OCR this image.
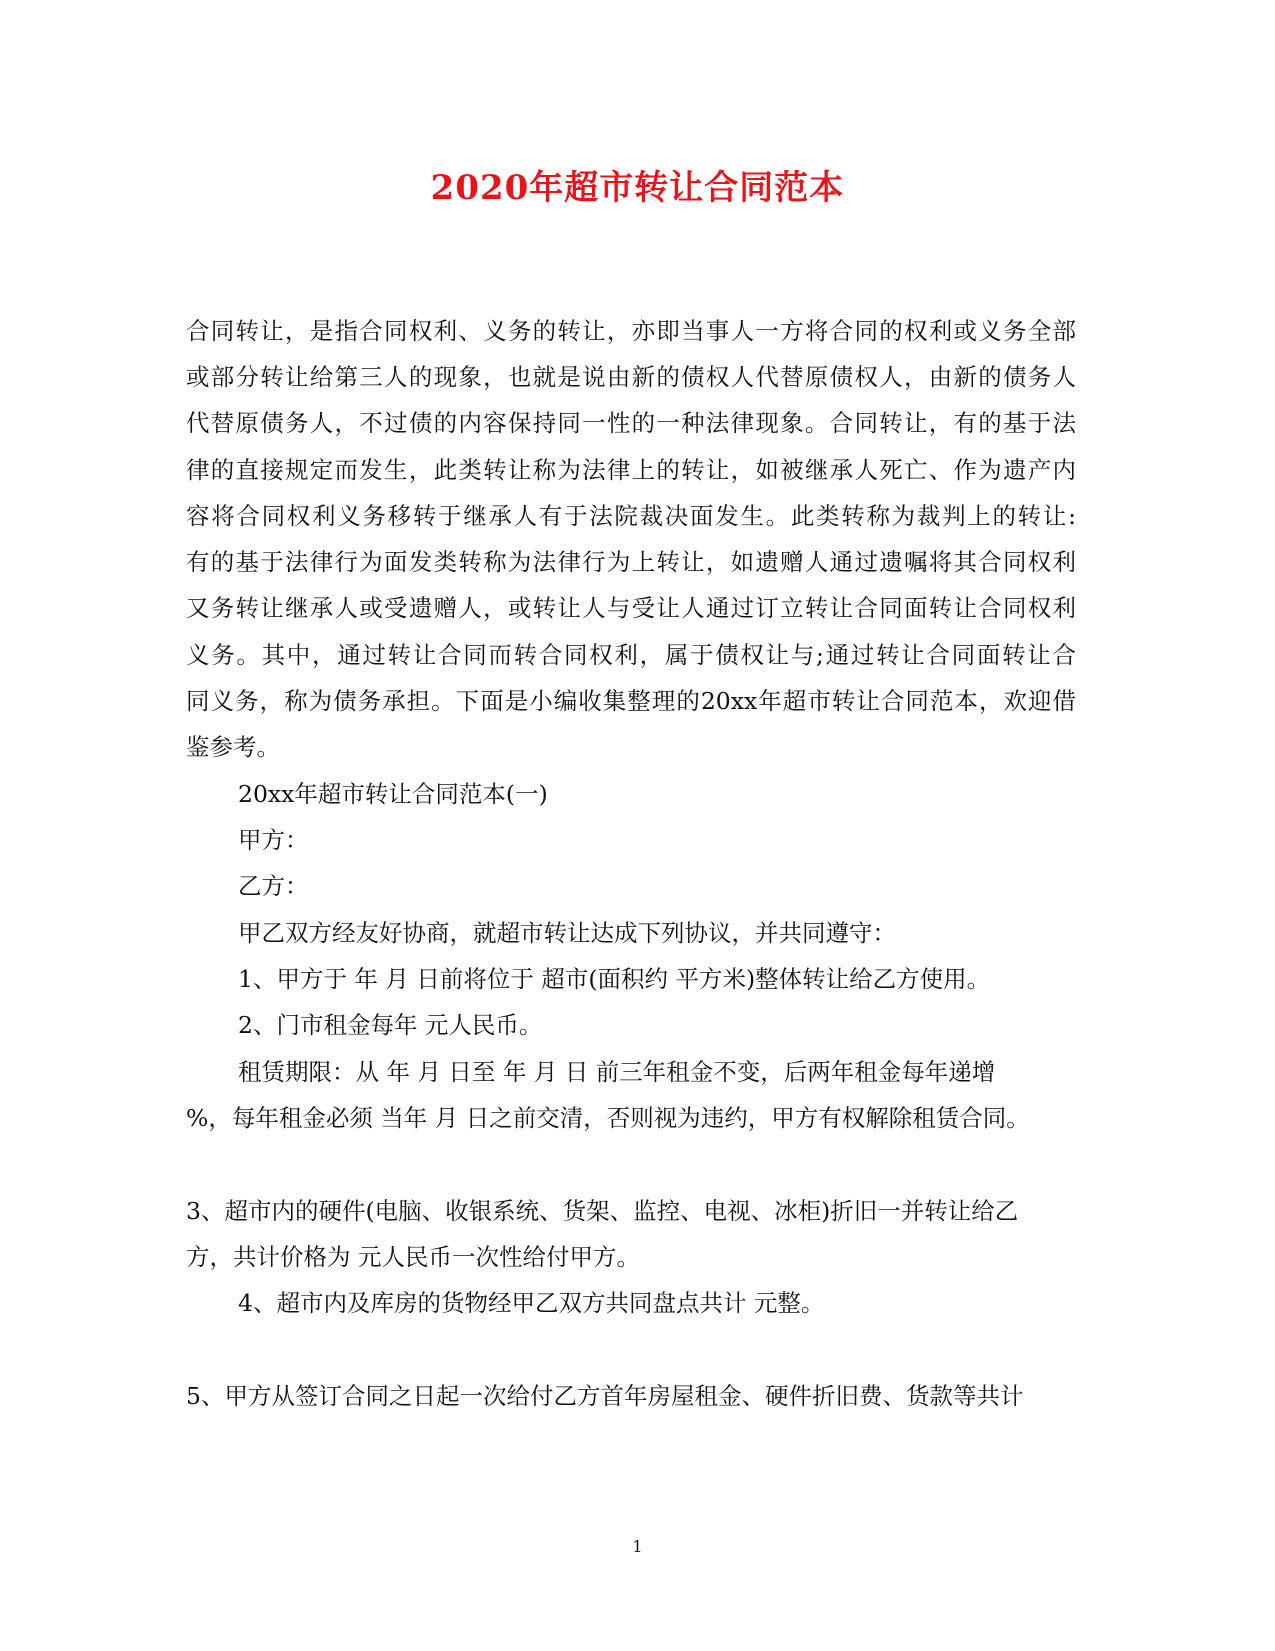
2020年超市转让合同范本
合同转让，是指合同权利、义务的转让，亦即当事人一方将合同的权利或义务全部
或部分转让给第三人的现象，也就是说由新的债权人代替原债权人，由新的债务人
代替原债务人，不过债的内容保持同一性的一种法律现象。合同转让，有的基于法
律的直接规定而发生，此类转让称为法律上的转让，如被继承人死亡、作为遗产内
容将合同权利义务移转于继承人有于法院裁决面发生。此类转称为裁判上的转让:
有的基于法律行为面发类转称为法律行为上转让，如遗赠人通过遗嘱将其合同权利
又务转让继承人或受遗赠人，或转让人与受让人通过订立转让合同面转让合同权利
义务。其中，通过转让合同而转合同权利，属于债权让与;通过转让合同面转让合
同义务，称为债务承担。下面是小编收集整理的20xx年超市转让合同范本，欢迎借
鉴参考。
20xx年超市转让合同范本(一)
甲方：
乙方：
甲乙双方经友好协商，就超市转让达成下列协议，并共同遵守：
1、甲方于 年 月 日前将位于 超市(面积约 平方米)整体转让给乙方使用。
2、门市租金每年 元人民币。
租赁期限：从 年 月 日至 年 月 日 前三年租金不变，后两年租金每年递增
%，每年租金必须 当年 月 日之前交清，否则视为违约，甲方有权解除租赁合同。
3、超市内的硬件(电脑、收银系统、货架、监控、电视、冰柜)折旧一并转让给乙
方，共计价格为 元人民币一次性给付甲方。
4、超市内及库房的货物经甲乙双方共同盘点共计 元整。
5、甲方从签订合同之日起一次给付乙方首年房屋租金、硬件折旧费、货款等共计
1
